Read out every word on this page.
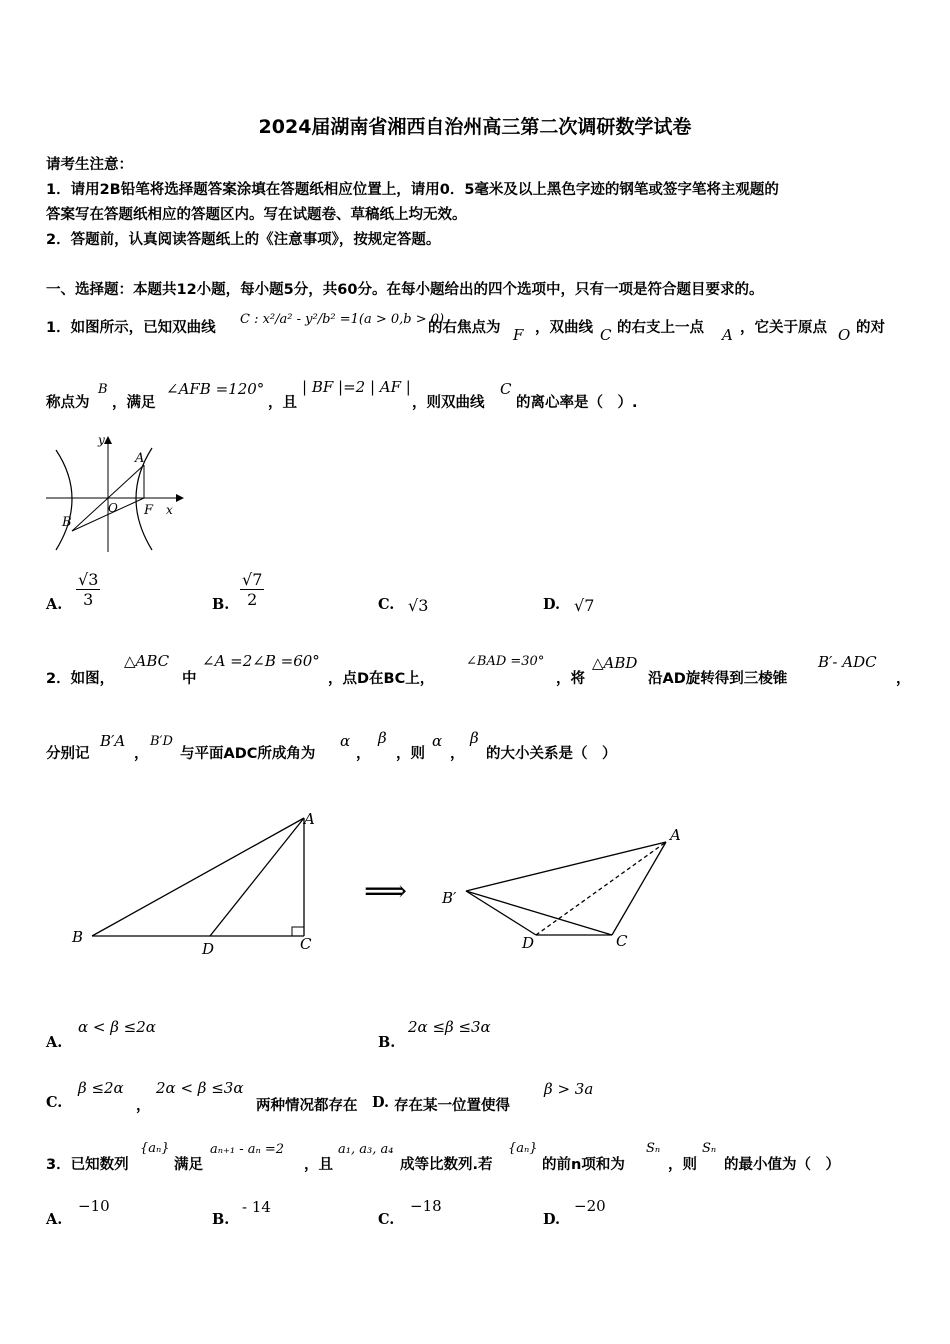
2024届湖南省湘西自治州高三第二次调研数学试卷
请考生注意：
1．请用2B铅笔将选择题答案涂填在答题纸相应位置上，请用0．5毫米及以上黑色字迹的钢笔或签字笔将主观题的
答案写在答题纸相应的答题区内。写在试题卷、草稿纸上均无效。
2．答题前，认真阅读答题纸上的《注意事项》，按规定答题。
一、选择题：本题共12小题，每小题5分，共60分。在每小题给出的四个选项中，只有一项是符合题目要求的。
1．如图所示，已知双曲线
C : x²/a² - y²/b² =1(a > 0,b > 0)
的右焦点为 F ，双曲线 C 的右支上一点 A ，它关于原点 O 的对
称点为
B
，满足
∠AFB =120°
，且
| BF |=2 | AF |
，则双曲线
C
的离心率是（　）.
y
A
O F x
B
A. $\frac{√3}{3}$	B. $\frac{√7}{2}$	C. √3	D. √7
2．如图，
△ABC
中
∠A =2∠B =60°
，点D在BC上，
∠BAD =30°
，将
△ABD
沿AD旋转得到三棱锥
B′- ADC
，
分别记
B′A
，
B′D
与平面ADC所成角为
α
，
β
，则
α
，
β
的大小关系是（　）
A
B
D	C
⟹
A
B′
D	C
A.
α < β ≤2α
B.
2α ≤β ≤3α
C.
β ≤2α
，
2α < β ≤3α
两种情况都存在 D. 存在某一位置使得
β > 3a
3．已知数列
{aₙ}
满足
aₙ₊₁ - aₙ =2
，且
a₁, a₃, a₄
成等比数列.若
{aₙ}
的前n项和为
Sₙ
，则
Sₙ
的最小值为（　）
A.
−10
B.
- 14
C.
−18
D.
−20
